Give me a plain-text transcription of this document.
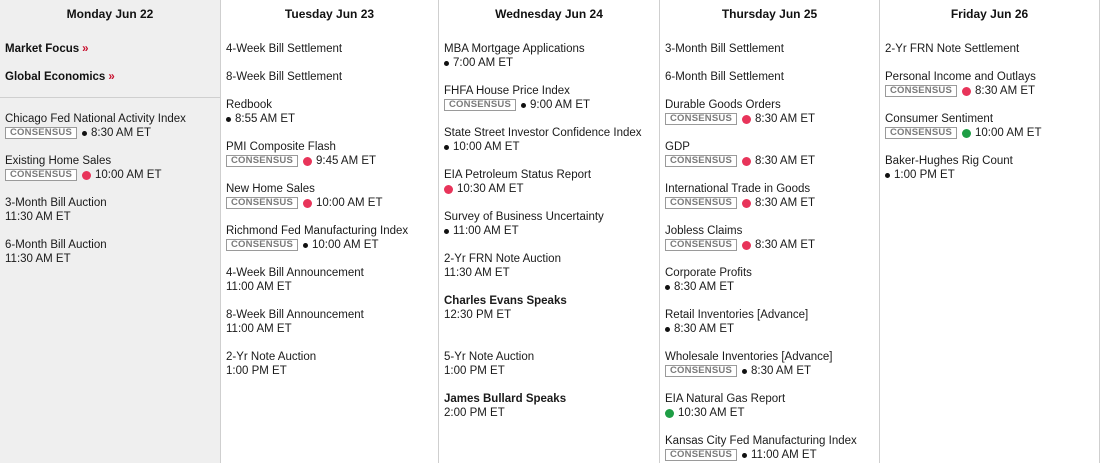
Monday Jun 22
Market Focus »
Global Economics »
Chicago Fed National Activity Index
CONSENSUS	8:30 AM ET
Existing Home Sales
CONSENSUS	10:00 AM ET
3-Month Bill Auction
11:30 AM ET
6-Month Bill Auction
11:30 AM ET
Tuesday Jun 23
4-Week Bill Settlement
8-Week Bill Settlement
Redbook
8:55 AM ET
PMI Composite Flash
CONSENSUS	9:45 AM ET
New Home Sales
CONSENSUS	10:00 AM ET
Richmond Fed Manufacturing Index
CONSENSUS	10:00 AM ET
4-Week Bill Announcement
11:00 AM ET
8-Week Bill Announcement
11:00 AM ET
2-Yr Note Auction
1:00 PM ET
Wednesday Jun 24
MBA Mortgage Applications
7:00 AM ET
FHFA House Price Index
CONSENSUS	9:00 AM ET
State Street Investor Confidence Index
10:00 AM ET
EIA Petroleum Status Report
10:30 AM ET
Survey of Business Uncertainty
11:00 AM ET
2-Yr FRN Note Auction
11:30 AM ET
Charles Evans Speaks
12:30 PM ET
5-Yr Note Auction
1:00 PM ET
James Bullard Speaks
2:00 PM ET
Thursday Jun 25
3-Month Bill Settlement
6-Month Bill Settlement
Durable Goods Orders
CONSENSUS	8:30 AM ET
GDP
CONSENSUS	8:30 AM ET
International Trade in Goods
CONSENSUS	8:30 AM ET
Jobless Claims
CONSENSUS	8:30 AM ET
Corporate Profits
8:30 AM ET
Retail Inventories [Advance]
8:30 AM ET
Wholesale Inventories [Advance]
CONSENSUS	8:30 AM ET
EIA Natural Gas Report
10:30 AM ET
Kansas City Fed Manufacturing Index
CONSENSUS	11:00 AM ET
Friday Jun 26
2-Yr FRN Note Settlement
Personal Income and Outlays
CONSENSUS	8:30 AM ET
Consumer Sentiment
CONSENSUS	10:00 AM ET
Baker-Hughes Rig Count
1:00 PM ET
